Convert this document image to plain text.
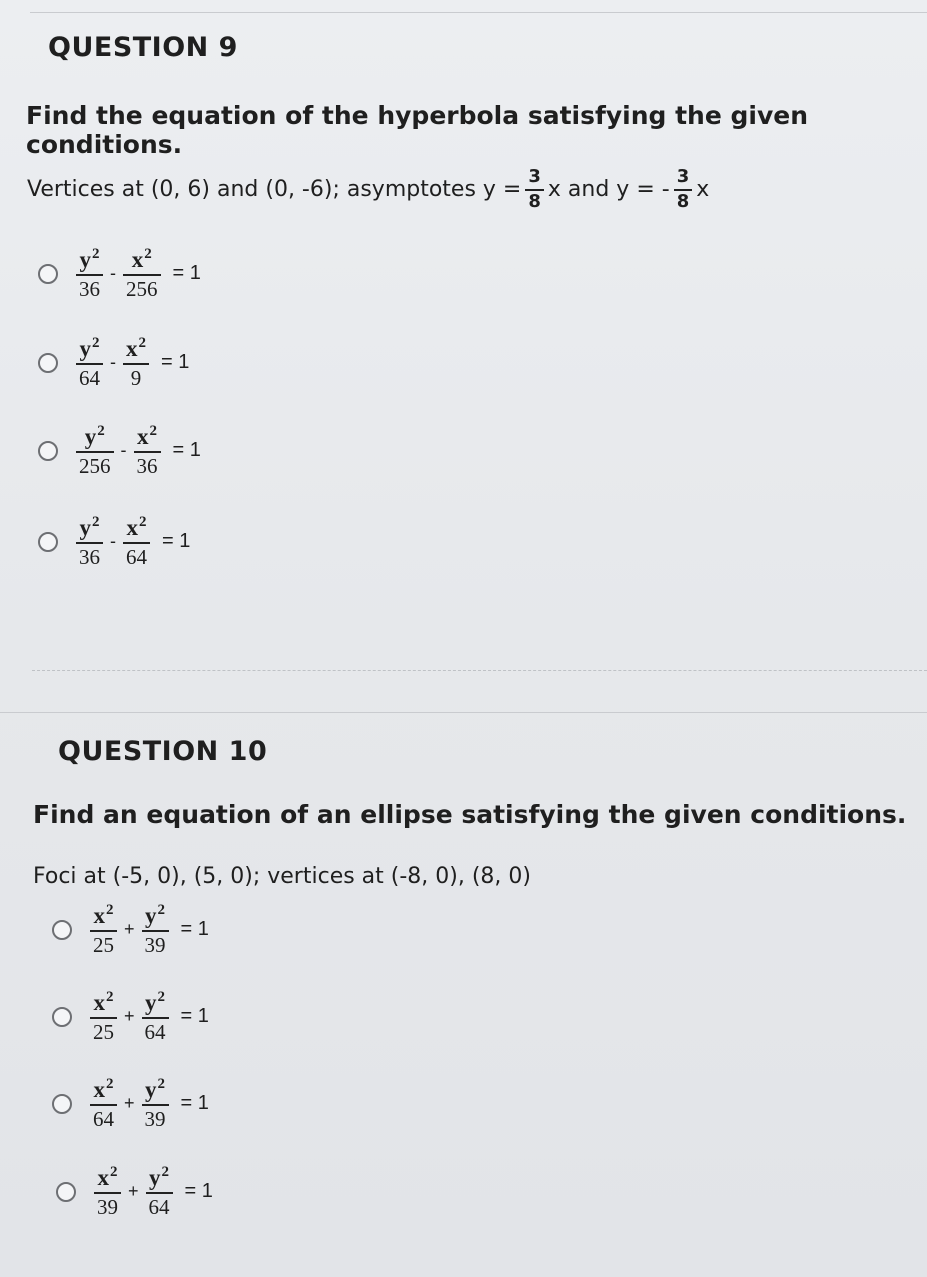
QUESTION 9
Find the equation of the hyperbola satisfying the given conditions.
Vertices at (0, 6) and (0, -6); asymptotes $y = \frac{3}{8}$ x and y = - $\frac{3}{8}$ x
$\frac{y^2}{36} - \frac{x^2}{256} = 1$
$\frac{y^2}{64} - \frac{x^2}{9} = 1$
$\frac{y^2}{256} - \frac{x^2}{36} = 1$
$\frac{y^2}{36} - \frac{x^2}{64} = 1$
QUESTION 10
Find an equation of an ellipse satisfying the given conditions.
Foci at (-5, 0), (5, 0); vertices at (-8, 0), (8, 0)
$\frac{x^2}{25} + \frac{y^2}{39} = 1$
$\frac{x^2}{25} + \frac{y^2}{64} = 1$
$\frac{x^2}{64} + \frac{y^2}{39} = 1$
$\frac{x^2}{39} + \frac{y^2}{64} = 1$
